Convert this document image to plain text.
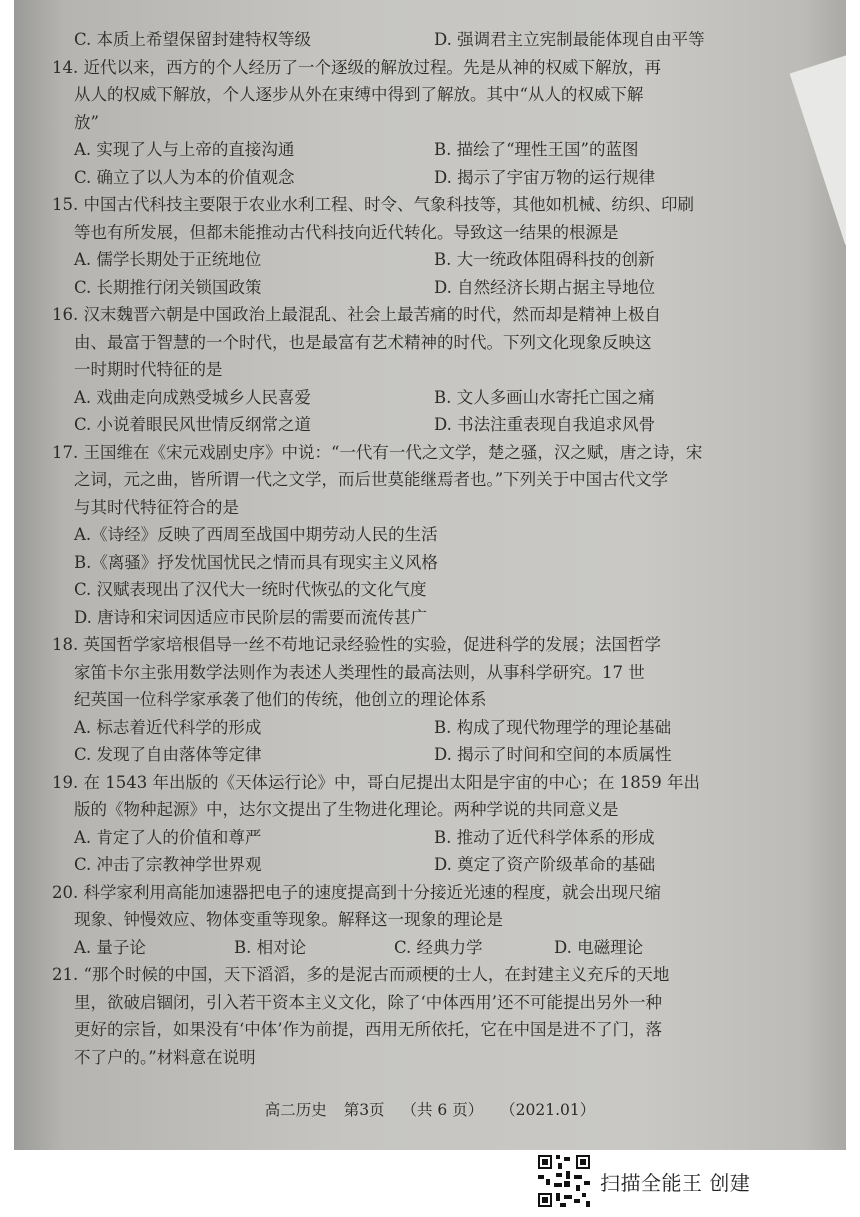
C. 本质上希望保留封建特权等级	D. 强调君主立宪制最能体现自由平等
14. 近代以来，西方的个人经历了一个逐级的解放过程。先是从神的权威下解放，再
从人的权威下解放，个人逐步从外在束缚中得到了解放。其中“从人的权威下解
放”
A. 实现了人与上帝的直接沟通	B. 描绘了“理性王国”的蓝图
C. 确立了以人为本的价值观念	D. 揭示了宇宙万物的运行规律
15. 中国古代科技主要限于农业水利工程、时令、气象科技等，其他如机械、纺织、印刷
等也有所发展，但都未能推动古代科技向近代转化。导致这一结果的根源是
A. 儒学长期处于正统地位	B. 大一统政体阻碍科技的创新
C. 长期推行闭关锁国政策	D. 自然经济长期占据主导地位
16. 汉末魏晋六朝是中国政治上最混乱、社会上最苦痛的时代，然而却是精神上极自
由、最富于智慧的一个时代，也是最富有艺术精神的时代。下列文化现象反映这
一时期时代特征的是
A. 戏曲走向成熟受城乡人民喜爱	B. 文人多画山水寄托亡国之痛
C. 小说着眼民风世情反纲常之道	D. 书法注重表现自我追求风骨
17. 王国维在《宋元戏剧史序》中说：“一代有一代之文学，楚之骚，汉之赋，唐之诗，宋
之词，元之曲，皆所谓一代之文学，而后世莫能继焉者也。”下列关于中国古代文学
与其时代特征符合的是
A.《诗经》反映了西周至战国中期劳动人民的生活
B.《离骚》抒发忧国忧民之情而具有现实主义风格
C. 汉赋表现出了汉代大一统时代恢弘的文化气度
D. 唐诗和宋词因适应市民阶层的需要而流传甚广
18. 英国哲学家培根倡导一丝不苟地记录经验性的实验，促进科学的发展；法国哲学
家笛卡尔主张用数学法则作为表述人类理性的最高法则，从事科学研究。17 世
纪英国一位科学家承袭了他们的传统，他创立的理论体系
A. 标志着近代科学的形成	B. 构成了现代物理学的理论基础
C. 发现了自由落体等定律	D. 揭示了时间和空间的本质属性
19. 在 1543 年出版的《天体运行论》中，哥白尼提出太阳是宇宙的中心；在 1859 年出
版的《物种起源》中，达尔文提出了生物进化理论。两种学说的共同意义是
A. 肯定了人的价值和尊严	B. 推动了近代科学体系的形成
C. 冲击了宗教神学世界观	D. 奠定了资产阶级革命的基础
20. 科学家利用高能加速器把电子的速度提高到十分接近光速的程度，就会出现尺缩
现象、钟慢效应、物体变重等现象。解释这一现象的理论是
A. 量子论	B. 相对论	C. 经典力学	D. 电磁理论
21. “那个时候的中国，天下滔滔，多的是泥古而顽梗的士人，在封建主义充斥的天地
里，欲破启锢闭，引入若干资本主义文化，除了‘中体西用’还不可能提出另外一种
更好的宗旨，如果没有‘中体’作为前提，西用无所依托，它在中国是进不了门，落
不了户的。”材料意在说明
高二历史 第3页 （共 6 页） （2021.01）
扫描全能王 创建
